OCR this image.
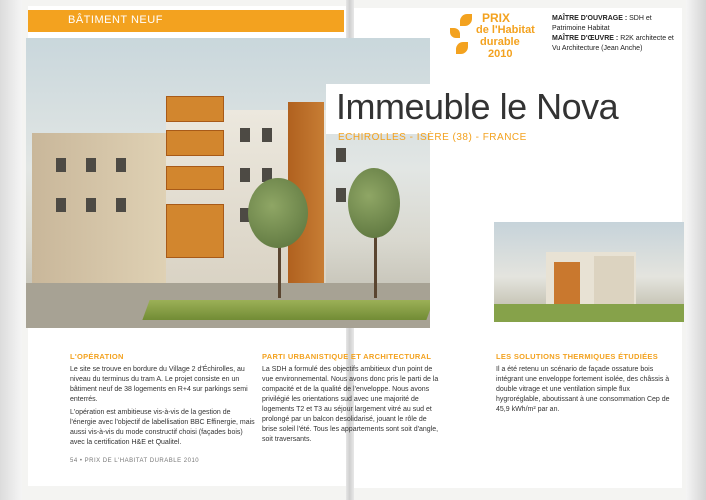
BÂTIMENT NEUF
Immeuble le Nova
ECHIROLLES - ISÈRE (38) - FRANCE
PRIX
de l'Habitat
durable
2010
MAÎTRE D'OUVRAGE : SDH et Patrimoine Habitat
MAÎTRE D'ŒUVRE : R2K architecte et Vu Architecture (Jean Anche)
L'OPÉRATION

Le site se trouve en bordure du Village 2 d'Échirolles, au niveau du terminus du tram A. Le projet consiste en un bâtiment neuf de 38 logements en R+4 sur parkings semi enterrés.

L'opération est ambitieuse vis-à-vis de la gestion de l'énergie avec l'objectif de labellisation BBC Effinergie, mais aussi vis-à-vis du mode constructif choisi (façades bois) avec la certification H&E et Qualitel.

PARTI URBANISTIQUE ET ARCHITECTURAL

La SDH a formulé des objectifs ambitieux d'un point de vue environnemental. Nous avons donc pris le parti de la compacité et de la qualité de l'enveloppe. Nous avons privilégié les orientations sud avec une majorité de logements T2 et T3 au séjour largement vitré au sud et prolongé par un balcon desolidarisé, jouant le rôle de brise soleil l'été. Tous les appartements sont soit d'angle, soit traversants.

LES SOLUTIONS THERMIQUES ÉTUDIÉES

Il a été retenu un scénario de façade ossature bois intégrant une enveloppe fortement isolée, des châssis à double vitrage et une ventilation simple flux hygroréglable, aboutissant à une consommation Cep de 45,9 kWh/m² par an.

54 • PRIX DE L'HABITAT DURABLE 2010
